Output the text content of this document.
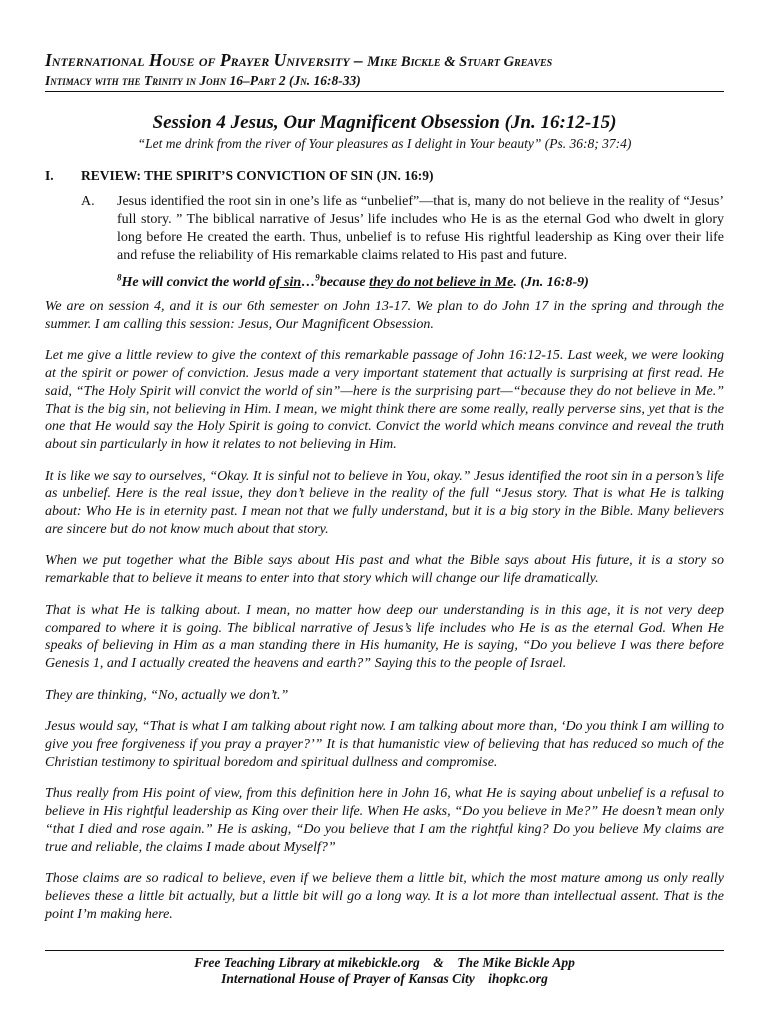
International House of Prayer University – Mike Bickle & Stuart Greaves
Intimacy with the Trinity in John 16–Part 2 (Jn. 16:8-33)
Session 4 Jesus, Our Magnificent Obsession (Jn. 16:12-15)
“Let me drink from the river of Your pleasures as I delight in Your beauty” (Ps. 36:8; 37:4)
I.	REVIEW: THE SPIRIT’S CONVICTION OF SIN (JN. 16:9)
A.	Jesus identified the root sin in one’s life as “unbelief”—that is, many do not believe in the reality of “Jesus’ full story. ” The biblical narrative of Jesus’ life includes who He is as the eternal God who dwelt in glory long before He created the earth. Thus, unbelief is to refuse His rightful leadership as King over their life and refuse the reliability of His remarkable claims related to His past and future.
$^8$He will convict the world of sin…$^9$because they do not believe in Me. (Jn. 16:8-9)

We are on session 4, and it is our 6th semester on John 13-17. We plan to do John 17 in the spring and through the summer. I am calling this session: Jesus, Our Magnificent Obsession.

Let me give a little review to give the context of this remarkable passage of John 16:12-15. Last week, we were looking at the spirit or power of conviction. Jesus made a very important statement that actually is surprising at first read. He said, “The Holy Spirit will convict the world of sin”—here is the surprising part—“because they do not believe in Me.” That is the big sin, not believing in Him. I mean, we might think there are some really, really perverse sins, yet that is the one that He would say the Holy Spirit is going to convict. Convict the world which means convince and reveal the truth about sin particularly in how it relates to not believing in Him.

It is like we say to ourselves, “Okay. It is sinful not to believe in You, okay.” Jesus identified the root sin in a person’s life as unbelief. Here is the real issue, they don’t believe in the reality of the full “Jesus story. That is what He is talking about: Who He is in eternity past. I mean not that we fully understand, but it is a big story in the Bible. Many believers are sincere but do not know much about that story.

When we put together what the Bible says about His past and what the Bible says about His future, it is a story so remarkable that to believe it means to enter into that story which will change our life dramatically.

That is what He is talking about. I mean, no matter how deep our understanding is in this age, it is not very deep compared to where it is going. The biblical narrative of Jesus’s life includes who He is as the eternal God. When He speaks of believing in Him as a man standing there in His humanity, He is saying, “Do you believe I was there before Genesis 1, and I actually created the heavens and earth?” Saying this to the people of Israel.

They are thinking, “No, actually we don’t.”

Jesus would say, “That is what I am talking about right now. I am talking about more than, ‘Do you think I am willing to give you free forgiveness if you pray a prayer?’” It is that humanistic view of believing that has reduced so much of the Christian testimony to spiritual boredom and spiritual dullness and compromise.

Thus really from His point of view, from this definition here in John 16, what He is saying about unbelief is a refusal to believe in His rightful leadership as King over their life. When He asks, “Do you believe in Me?” He doesn’t mean only “that I died and rose again.” He is asking, “Do you believe that I am the rightful king? Do you believe My claims are true and reliable, the claims I made about Myself?”

Those claims are so radical to believe, even if we believe them a little bit, which the most mature among us only really believes these a little bit actually, but a little bit will go a long way. It is a lot more than intellectual assent. That is the point I’m making here.

Free Teaching Library at mikebickle.org    &    The Mike Bickle App
International House of Prayer of Kansas City    ihopkc.org
